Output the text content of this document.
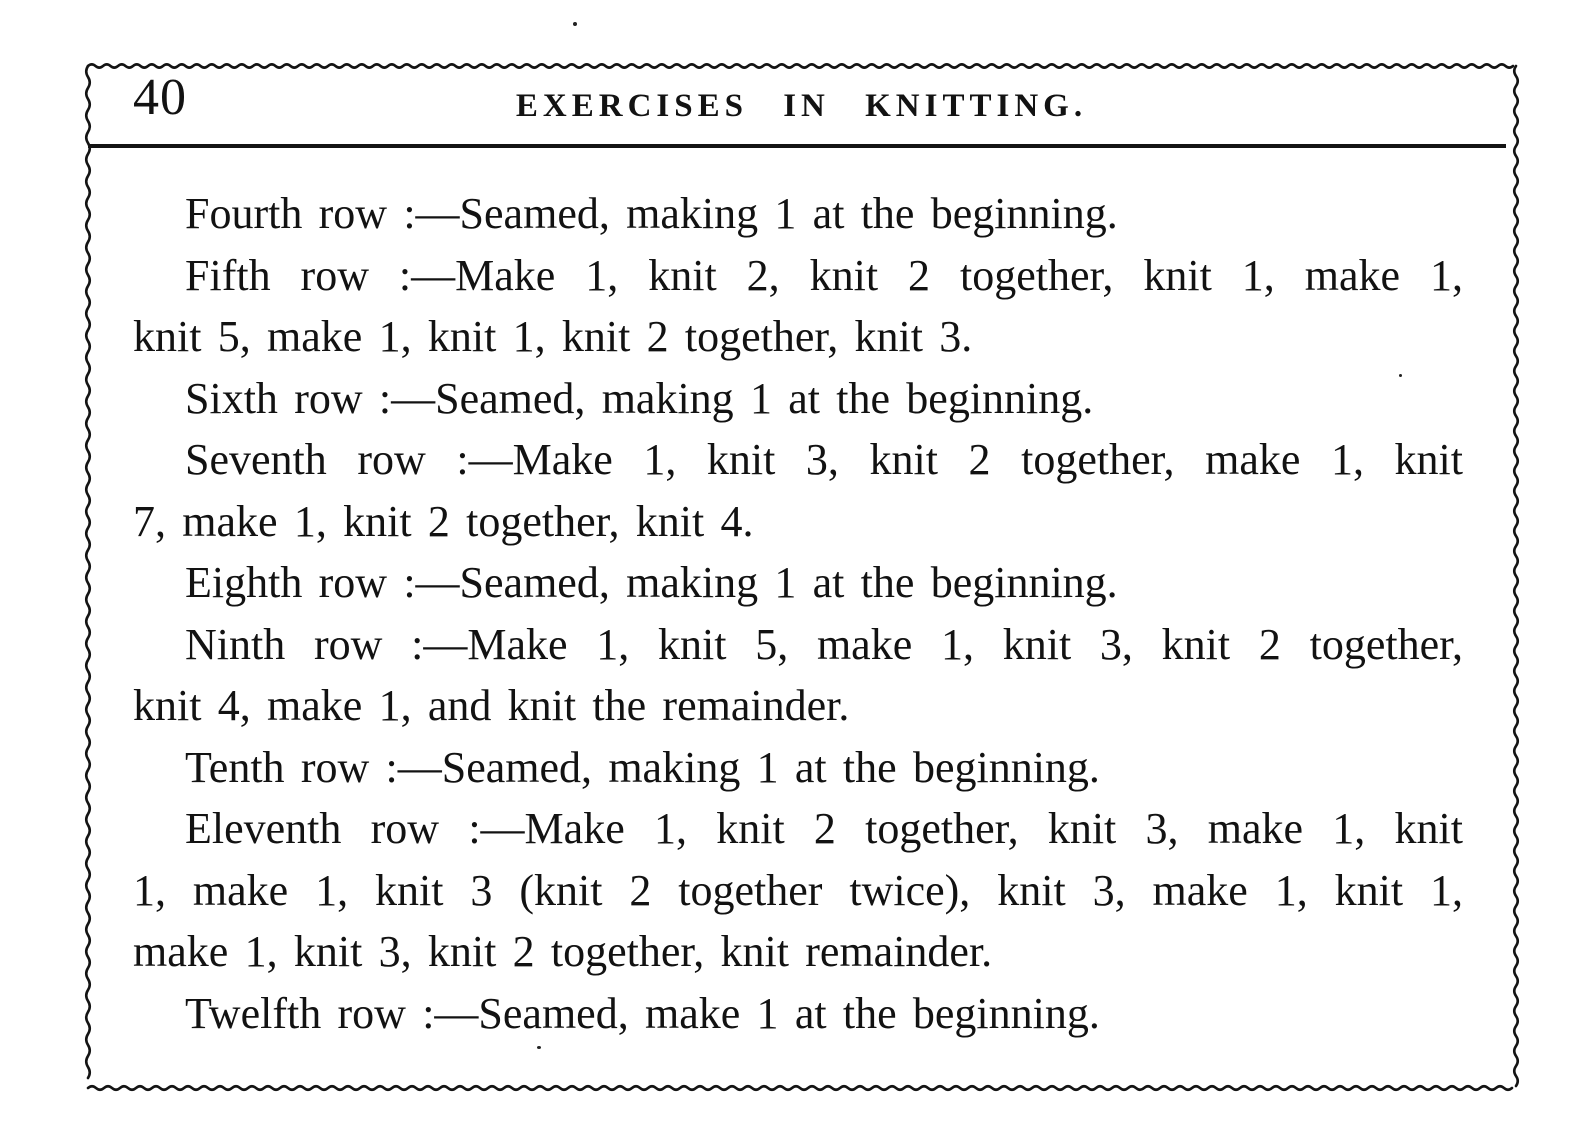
40	EXERCISES IN KNITTING.
Fourth row :—Seamed, making 1 at the beginning.
Fifth row :—Make 1, knit 2, knit 2 together, knit 1, make 1,
knit 5, make 1, knit 1, knit 2 together, knit 3.
Sixth row :—Seamed, making 1 at the beginning.
Seventh row :—Make 1, knit 3, knit 2 together, make 1, knit
7, make 1, knit 2 together, knit 4.
Eighth row :—Seamed, making 1 at the beginning.
Ninth row :—Make 1, knit 5, make 1, knit 3, knit 2 together,
knit 4, make 1, and knit the remainder.
Tenth row :—Seamed, making 1 at the beginning.
Eleventh row :—Make 1, knit 2 together, knit 3, make 1, knit
1, make 1, knit 3 (knit 2 together twice), knit 3, make 1, knit 1,
make 1, knit 3, knit 2 together, knit remainder.
Twelfth row :—Seamed, make 1 at the beginning.
